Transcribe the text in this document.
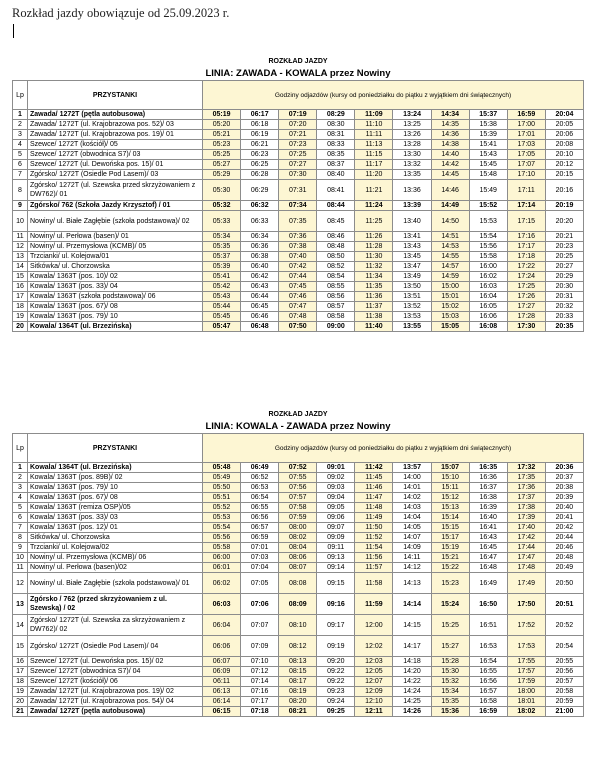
Rozkład jazdy obowiązuje od 25.09.2023 r.
ROZKŁAD JAZDY
LINIA: ZAWADA - KOWALA przez Nowiny
Lp	PRZYSTANKI	Godziny odjazdów (kursy od poniedziałku do piątku z wyjątkiem dni świątecznych)									
1	Zawada/ 1272T (pętla autobusowa)	05:19	06:17	07:19	08:29	11:09	13:24	14:34	15:37	16:59	20:04
2	Zawada/ 1272T (ul. Krajobrazowa pos. 52)/ 03	05:20	06:18	07:20	08:30	11:10	13:25	14:35	15:38	17:00	20:05
3	Zawada/ 1272T (ul. Krajobrazowa pos. 19)/ 01	05:21	06:19	07:21	08:31	11:11	13:26	14:36	15:39	17:01	20:06
4	Szewce/ 1272T (kościół)/ 05	05:23	06:21	07:23	08:33	11:13	13:28	14:38	15:41	17:03	20:08
5	Szewce/ 1272T (obwodnica S7)/ 03	05:25	06:23	07:25	08:35	11:15	13:30	14:40	15:43	17:05	20:10
6	Szewce/ 1272T (ul. Dewońska pos. 15)/ 01	05:27	06:25	07:27	08:37	11:17	13:32	14:42	15:45	17:07	20:12
7	Zgórsko/ 1272T (Osiedle Pod Lasem)/ 03	05:29	06:28	07:30	08:40	11:20	13:35	14:45	15:48	17:10	20:15
8	Zgórsko/ 1272T (ul. Szewska przed skrzyżowaniem z DW762)/ 01	05:30	06:29	07:31	08:41	11:21	13:36	14:46	15:49	17:11	20:16
9	Zgórsko/ 762 (Szkoła Jazdy Krzysztof) / 01	05:32	06:32	07:34	08:44	11:24	13:39	14:49	15:52	17:14	20:19
10	Nowiny/ ul. Białe Zagłębie (szkoła podstawowa)/ 02	05:33	06:33	07:35	08:45	11:25	13:40	14:50	15:53	17:15	20:20
11	Nowiny/ ul. Perłowa (basen)/ 01	05:34	06:34	07:36	08:46	11:26	13:41	14:51	15:54	17:16	20:21
12	Nowiny/ ul. Przemysłowa (KCMB)/ 05	05:35	06:36	07:38	08:48	11:28	13:43	14:53	15:56	17:17	20:23
13	Trzcianki/ ul. Kolejowa/01	05:37	06:38	07:40	08:50	11:30	13:45	14:55	15:58	17:18	20:25
14	Sitkówka/ ul. Chorzowska	05:39	06:40	07:42	08:52	11:32	13:47	14:57	16:00	17:22	20:27
15	Kowala/ 1363T (pos. 10)/ 02	05:41	06:42	07:44	08:54	11:34	13:49	14:59	16:02	17:24	20:29
16	Kowala/ 1363T (pos. 33)/ 04	05:42	06:43	07:45	08:55	11:35	13:50	15:00	16:03	17:25	20:30
17	Kowala/ 1363T (szkoła podstawowa)/ 06	05:43	06:44	07:46	08:56	11:36	13:51	15:01	16:04	17:26	20:31
18	Kowala/ 1363T (pos. 67)/ 08	05:44	06:45	07:47	08:57	11:37	13:52	15:02	16:05	17:27	20:32
19	Kowala/ 1363T (pos. 79)/ 10	05:45	06:46	07:48	08:58	11:38	13:53	15:03	16:06	17:28	20:33
20	Kowala/ 1364T (ul. Brzezińska)	05:47	06:48	07:50	09:00	11:40	13:55	15:05	16:08	17:30	20:35
ROZKŁAD JAZDY
LINIA: KOWALA - ZAWADA przez Nowiny
Lp	PRZYSTANKI	Godziny odjazdów (kursy od poniedziałku do piątku z wyjątkiem dni świątecznych)									
1	Kowala/ 1364T (ul. Brzezińska)	05:48	06:49	07:52	09:01	11:42	13:57	15:07	16:35	17:32	20:36
2	Kowala/ 1363T (pos. 89B)/ 02	05:49	06:52	07:55	09:02	11:45	14:00	15:10	16:36	17:35	20:37
3	Kowala/ 1363T (pos. 79)/ 10	05:50	06:53	07:56	09:03	11:46	14:01	15:11	16:37	17:36	20:38
4	Kowala/ 1363T (pos. 67)/ 08	05:51	06:54	07:57	09:04	11:47	14:02	15:12	16:38	17:37	20:39
5	Kowala/ 1363T (remiza OSP)/05	05:52	06:55	07:58	09:05	11:48	14:03	15:13	16:39	17:38	20:40
6	Kowala/ 1363T (pos. 33)/ 03	05:53	06:56	07:59	09:06	11:49	14:04	15:14	16:40	17:39	20:41
7	Kowala/ 1363T (pos. 12)/ 01	05:54	06:57	08:00	09:07	11:50	14:05	15:15	16:41	17:40	20:42
8	Sitkówka/ ul. Chorzowska	05:56	06:59	08:02	09:09	11:52	14:07	15:17	16:43	17:42	20:44
9	Trzcianki/ ul. Kolejowa/02	05:58	07:01	08:04	09:11	11:54	14:09	15:19	16:45	17:44	20:46
10	Nowiny/ ul. Przemysłowa (KCMB)/ 06	06:00	07:03	08:06	09:13	11:56	14:11	15:21	16:47	17:47	20:48
11	Nowiny/ ul. Perłowa (basen)/02	06:01	07:04	08:07	09:14	11:57	14:12	15:22	16:48	17:48	20:49
12	Nowiny/ ul. Białe Zagłębie (szkoła podstawowa)/ 01	06:02	07:05	08:08	09:15	11:58	14:13	15:23	16:49	17:49	20:50
13	Zgórsko / 762 (przed skrzyżowaniem z ul. Szewską) / 02	06:03	07:06	08:09	09:16	11:59	14:14	15:24	16:50	17:50	20:51
14	Zgórsko/ 1272T (ul. Szewska za skrzyżowaniem z DW762)/ 02	06:04	07:07	08:10	09:17	12:00	14:15	15:25	16:51	17:52	20:52
15	Zgórsko/ 1272T (Osiedle Pod Lasem)/ 04	06:06	07:09	08:12	09:19	12:02	14:17	15:27	16:53	17:53	20:54
16	Szewce/ 1272T (ul. Dewońska pos. 15)/ 02	06:07	07:10	08:13	09:20	12:03	14:18	15:28	16:54	17:55	20:55
17	Szewce/ 1272T (obwodnica S7)/ 04	06:09	07:12	08:15	09:22	12:05	14:20	15:30	16:55	17:57	20:56
18	Szewce/ 1272T (kościół)/ 06	06:11	07:14	08:17	09:22	12:07	14:22	15:32	16:56	17:59	20:57
19	Zawada/ 1272T (ul. Krajobrazowa pos. 19)/ 02	06:13	07:16	08:19	09:23	12:09	14:24	15:34	16:57	18:00	20:58
20	Zawada/ 1272T (ul. Krajobrazowa pos. 54)/ 04	06:14	07:17	08:20	09:24	12:10	14:25	15:35	16:58	18:01	20:59
21	Zawada/ 1272T (pętla autobusowa)	06:15	07:18	08:21	09:25	12:11	14:26	15:36	16:59	18:02	21:00
